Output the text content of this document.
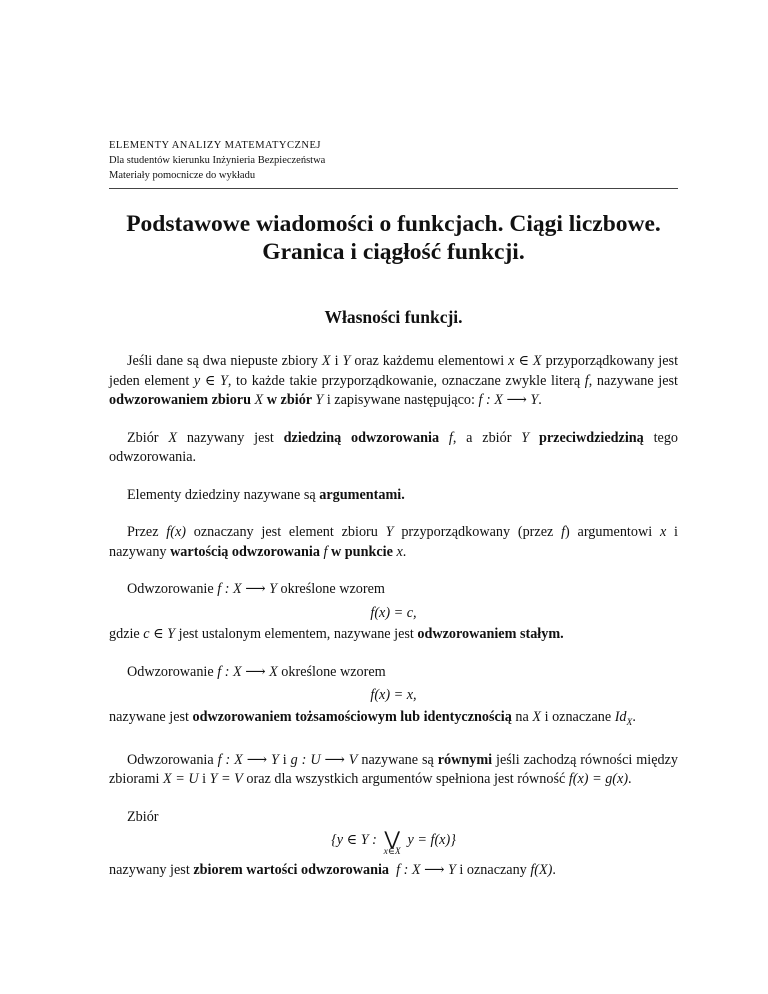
ELEMENTY ANALIZY MATEMATYCZNEJ
Dla studentów kierunku Inżynieria Bezpieczeństwa
Materiały pomocnicze do wykładu
Podstawowe wiadomości o funkcjach. Ciągi liczbowe.
Granica i ciągłość funkcji.
Własności funkcji.

Jeśli dane są dwa niepuste zbiory X i Y oraz każdemu elementowi x ∈ X przyporządkowany jest jeden element y ∈ Y, to każde takie przyporządkowanie, oznaczane zwykle literą f, nazywane jest odwzorowaniem zbioru X w zbiór Y i zapisywane następująco: f : X ⟶ Y.

Zbiór X nazywany jest dziedziną odwzorowania f, a zbiór Y przeciwdziedziną tego odwzorowania.

Elementy dziedziny nazywane są argumentami.

Przez f(x) oznaczany jest element zbioru Y przyporządkowany (przez f) argumentowi x i nazywany wartością odwzorowania f w punkcie x.

Odwzorowanie f : X ⟶ Y określone wzorem

f(x) = c,

gdzie c ∈ Y jest ustalonym elementem, nazywane jest odwzorowaniem stałym.

Odwzorowanie f : X ⟶ X określone wzorem

f(x) = x,

nazywane jest odwzorowaniem tożsamościowym lub identycznością na X i oznaczane $Id_X$.

Odwzorowania f : X ⟶ Y i g : U ⟶ V nazywane są równymi jeśli zachodzą równości między zbiorami X = U i Y = V oraz dla wszystkich argumentów spełniona jest równość f(x) = g(x).

Zbiór

{y ∈ Y : ⋁
x∈X
y = f(x)}

nazywany jest zbiorem wartości odwzorowania f : X ⟶ Y i oznaczany f(X).
